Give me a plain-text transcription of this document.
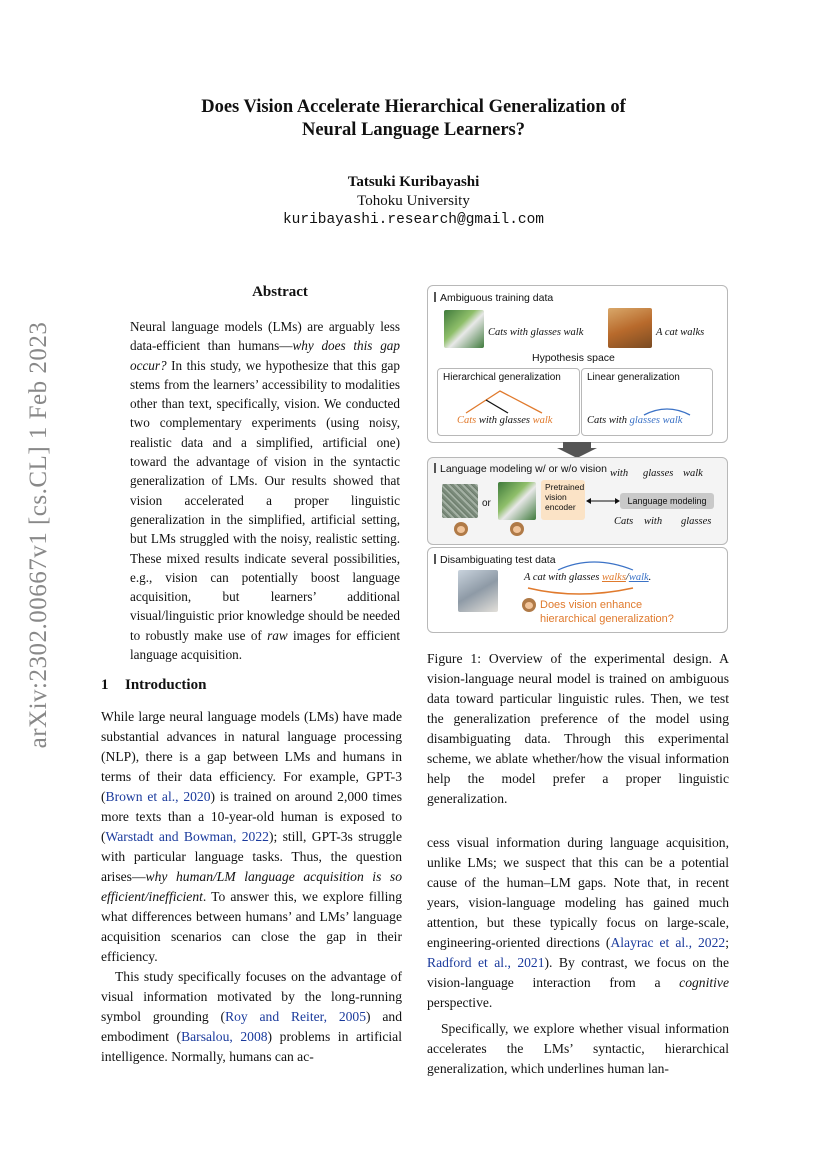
Does Vision Accelerate Hierarchical Generalization of
Neural Language Learners?
Tatsuki Kuribayashi
Tohoku University
kuribayashi.research@gmail.com
arXiv:2302.00667v1 [cs.CL] 1 Feb 2023
Abstract

Neural language models (LMs) are arguably less data-efficient than humans—why does this gap occur? In this study, we hypothesize that this gap stems from the learners’ accessibility to modalities other than text, specifically, vision. We conducted two complementary experiments (using noisy, realistic data and a simplified, artificial one) toward the advantage of vision in the syntactic generalization of LMs. Our results showed that vision accelerated a proper linguistic generalization in the simplified, artificial setting, but LMs struggled with the noisy, realistic setting. These mixed results indicate several possibilities, e.g., vision can potentially boost language acquisition, but learners’ additional visual/linguistic prior knowledge should be needed to robustly make use of raw images for efficient language acquisition.

1 Introduction

While large neural language models (LMs) have made substantial advances in natural language processing (NLP), there is a gap between LMs and humans in terms of their data efficiency. For example, GPT-3 (Brown et al., 2020) is trained on around 2,000 times more texts than a 10-year-old human is exposed to (Warstadt and Bowman, 2022); still, GPT-3s struggle with particular language tasks. Thus, the question arises—why human/LM language acquisition is so efficient/inefficient. To answer this, we explore filling what differences between humans’ and LMs’ language acquisition scenarios can close the gap in their efficiency.

This study specifically focuses on the advantage of visual information motivated by the long-running symbol grounding (Roy and Reiter, 2005) and embodiment (Barsalou, 2008) problems in artificial intelligence. Normally, humans can ac-

Ambiguous training data
Cats with glasses walk	A cat walks
Hypothesis space
Hierarchical generalization
Cats with glasses walk
Linear generalization
Cats with glasses walk
Language modeling w/ or w/o vision
or
Pretrained vision encoder
Language modeling
with glasses walk
Cats with glasses
Disambiguating test data
A cat with glasses walks/walk.
Does vision enhance
hierarchical generalization?
Figure 1: Overview of the experimental design. A vision-language neural model is trained on ambiguous data toward particular linguistic rules. Then, we test the generalization preference of the model using disambiguating data. Through this experimental scheme, we ablate whether/how the visual information help the model prefer a proper linguistic generalization.

cess visual information during language acquisition, unlike LMs; we suspect that this can be a potential cause of the human–LM gaps. Note that, in recent years, vision-language modeling has gained much attention, but these typically focus on large-scale, engineering-oriented directions (Alayrac et al., 2022; Radford et al., 2021). By contrast, we focus on the vision-language interaction from a cognitive perspective.

Specifically, we explore whether visual information accelerates the LMs’ syntactic, hierarchical generalization, which underlines human lan-
